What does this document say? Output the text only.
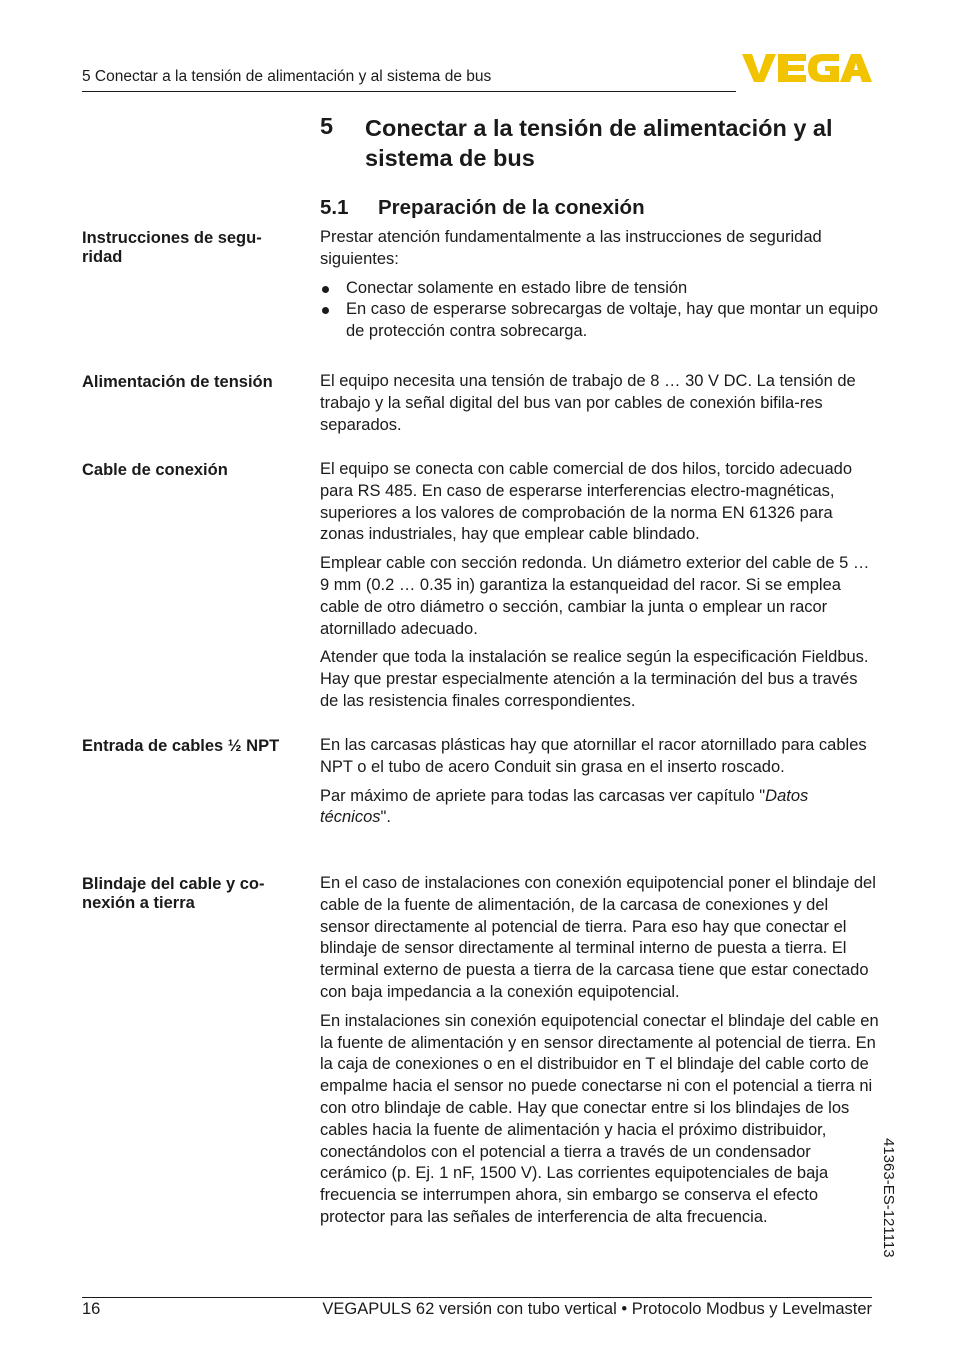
5 Conectar a la tensión de alimentación y al sistema de bus
5 Conectar a la tensión de alimentación y al sistema de bus
5.1 Preparación de la conexión
Instrucciones de segu-
ridad

Prestar atención fundamentalmente a las instrucciones de seguridad siguientes:

Conectar solamente en estado libre de tensión
En caso de esperarse sobrecargas de voltaje, hay que montar un equipo de protección contra sobrecarga.
Alimentación de tensión	El equipo necesita una tensión de trabajo de 8 … 30 V DC. La tensión de trabajo y la señal digital del bus van por cables de conexión bifila-res separados.

Cable de conexión	El equipo se conecta con cable comercial de dos hilos, torcido adecuado para RS 485. En caso de esperarse interferencias electro-magnéticas, superiores a los valores de comprobación de la norma EN 61326 para zonas industriales, hay que emplear cable blindado.

Emplear cable con sección redonda. Un diámetro exterior del cable de 5 … 9 mm (0.2 … 0.35 in) garantiza la estanqueidad del racor. Si se emplea cable de otro diámetro o sección, cambiar la junta o emplear un racor atornillado adecuado.

Atender que toda la instalación se realice según la especificación Fieldbus. Hay que prestar especialmente atención a la terminación del bus a través de las resistencia finales correspondientes.

Entrada de cables ½ NPT	En las carcasas plásticas hay que atornillar el racor atornillado para cables NPT o el tubo de acero Conduit sin grasa en el inserto roscado.

Par máximo de apriete para todas las carcasas ver capítulo "Datos técnicos".

Blindaje del cable y co-
nexión a tierra

En el caso de instalaciones con conexión equipotencial poner el blindaje del cable de la fuente de alimentación, de la carcasa de conexiones y del sensor directamente al potencial de tierra. Para eso hay que conectar el blindaje de sensor directamente al terminal interno de puesta a tierra. El terminal externo de puesta a tierra de la carcasa tiene que estar conectado con baja impedancia a la conexión equipotencial.

En instalaciones sin conexión equipotencial conectar el blindaje del cable en la fuente de alimentación y en sensor directamente al potencial de tierra. En la caja de conexiones o en el distribuidor en T el blindaje del cable corto de empalme hacia el sensor no puede conectarse ni con el potencial a tierra ni con otro blindaje de cable. Hay que conectar entre si los blindajes de los cables hacia la fuente de alimentación y hacia el próximo distribuidor, conectándolos con el potencial a tierra a través de un condensador cerámico (p. Ej. 1 nF, 1500 V). Las corrientes equipotenciales de baja frecuencia se interrumpen ahora, sin embargo se conserva el efecto protector para las señales de interferencia de alta frecuencia.	41363-ES-121113
16	VEGAPULS 62 versión con tubo vertical • Protocolo Modbus y Levelmaster
